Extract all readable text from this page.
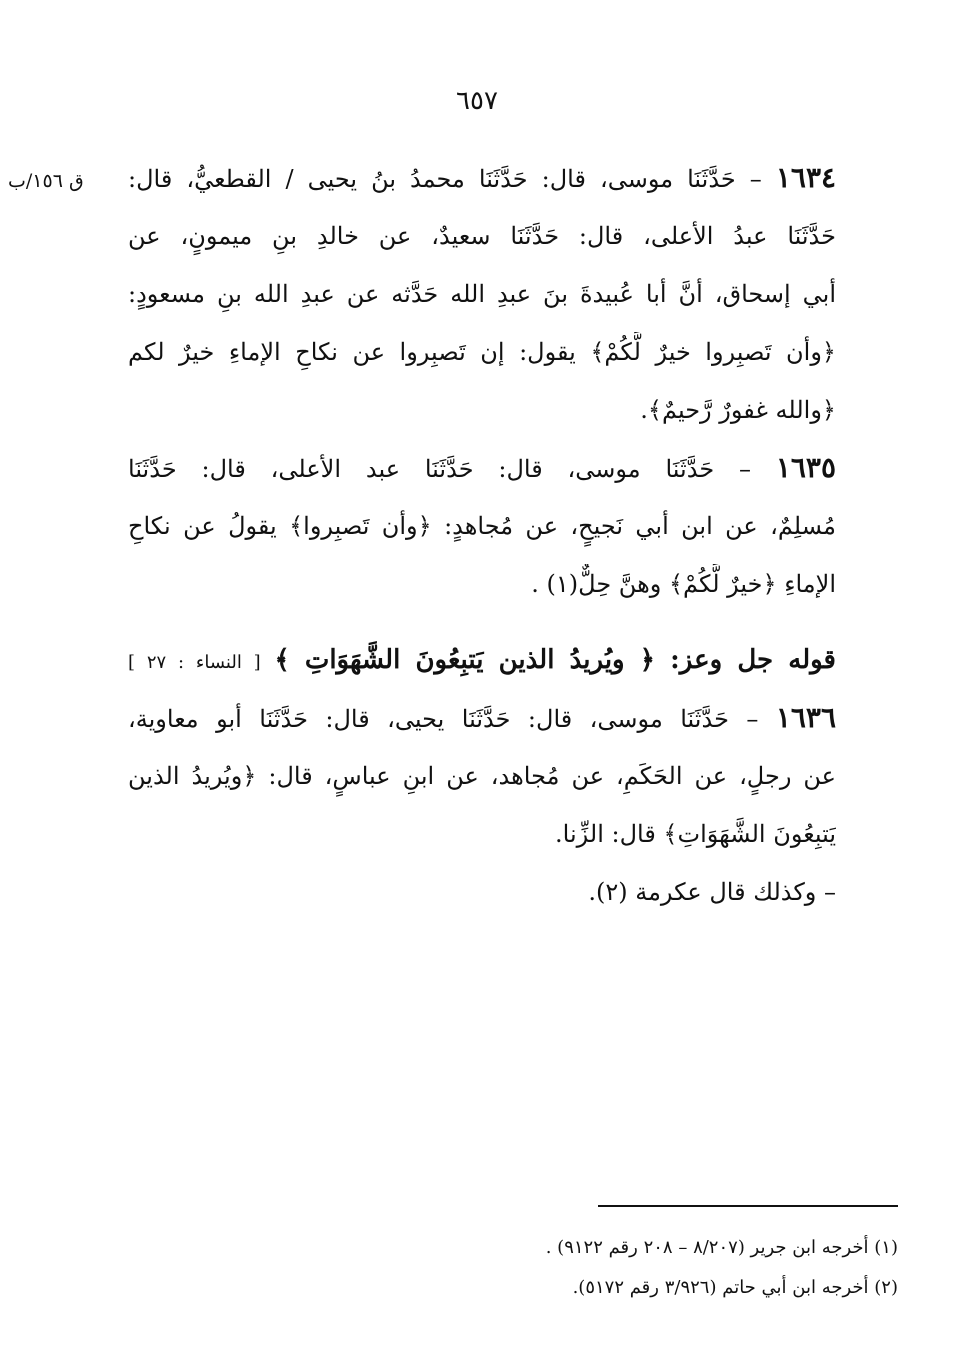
٦٥٧
ق ١٥٦/ب	١٦٣٤ – حَدَّثَنَا موسى، قال: حَدَّثَنَا محمدُ بنُ يحيى / القطعيُّ، قال:
حَدَّثَنَا عبدُ الأعلى، قال: حَدَّثَنَا سعيدٌ، عن خالدِ بنِ ميمونٍ، عن
أبي إسحاق، أنَّ أبا عُبيدةَ بنَ عبدِ الله حَدَّثه عن عبدِ الله بنِ مسعودٍ:
﴿وأن تَصبِروا خيرٌ لَّكُمْ﴾ يقول: إن تَصبِروا عن نكاحِ الإماءِ خيرٌ لكم
﴿والله غفورٌ رَّحيمٌ﴾.
١٦٣٥ – حَدَّثَنَا موسى، قال: حَدَّثَنَا عبد الأعلى، قال: حَدَّثَنَا
مُسلِمٌ، عن ابن أبي نَجيحٍ، عن مُجاهدٍ: ﴿وأن تَصبِروا﴾ يقولُ عن نكاحِ
الإماءِ ﴿خيرٌ لَّكُمْ﴾ وهنَّ حِلٌّ(١) .
قوله جل وعز: ﴿ ويُريدُ الذين يَتبِعُونَ الشَّهَوَاتِ ﴾ [ النساء : ٢٧ ]
١٦٣٦ – حَدَّثَنَا موسى، قال: حَدَّثَنَا يحيى، قال: حَدَّثَنَا أبو معاوية،
عن رجلٍ، عن الحَكَمِ، عن مُجاهد، عن ابنِ عباسٍ، قال: ﴿ويُريدُ الذين
يَتبِعُونَ الشَّهَوَاتِ﴾ قال: الزِّنا.
– وكذلك قال عكرمة (٢).
(١) أخرجه ابن جرير (٨/٢٠٧ – ٢٠٨ رقم ٩١٢٢) .
(٢) أخرجه ابن أبي حاتم (٣/٩٢٦ رقم ٥١٧٢).
